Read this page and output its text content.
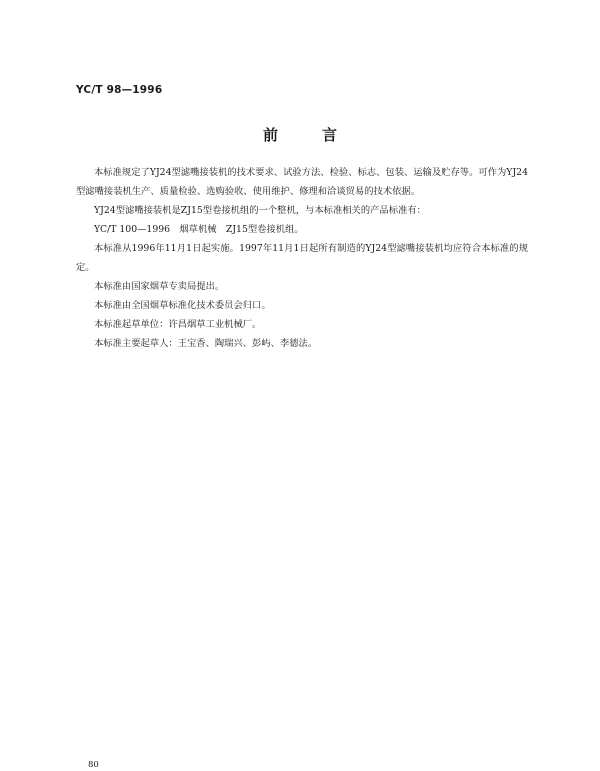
YC/T 98—1996
前	言

本标准规定了YJ24型滤嘴接装机的技术要求、试验方法、检验、标志、包装、运输及贮存等。可作为YJ24型滤嘴接装机生产、质量检验、选购验收、使用维护、修理和洽谈贸易的技术依据。

YJ24型滤嘴接装机是ZJ15型卷接机组的一个整机，与本标准相关的产品标准有：

YC/T 100—1996　烟草机械　ZJ15型卷接机组。

本标准从1996年11月1日起实施。1997年11月1日起所有制造的YJ24型滤嘴接装机均应符合本标准的规定。

本标准由国家烟草专卖局提出。

本标准由全国烟草标准化技术委员会归口。

本标准起草单位：许昌烟草工业机械厂。

本标准主要起草人：王宝香、陶瑞兴、彭屿、李德法。

80
